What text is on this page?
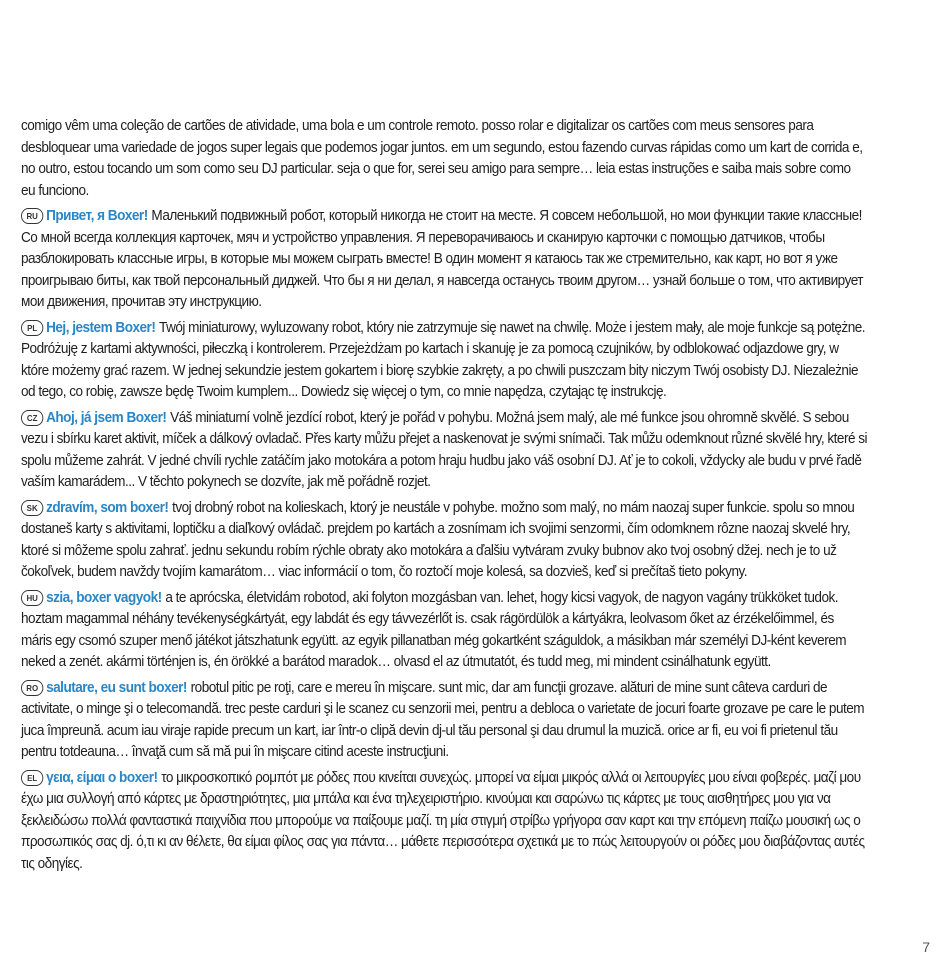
comigo vêm uma coleção de cartões de atividade, uma bola e um controle remoto. posso rolar e digitalizar os cartões com meus sensores para desbloquear uma variedade de jogos super legais que podemos jogar juntos. em um segundo, estou fazendo curvas rápidas como um kart de corrida e, no outro, estou tocando um som como seu DJ particular. seja o que for, serei seu amigo para sempre… leia estas instruções e saiba mais sobre como eu funciono.

RU Привет, я Boxer! Маленький подвижный робот, который никогда не стоит на месте. Я совсем небольшой, но мои функции такие классные! Со мной всегда коллекция карточек, мяч и устройство управления. Я переворачиваюсь и сканирую карточки с помощью датчиков, чтобы разблокировать классные игры, в которые мы можем сыграть вместе! В один момент я катаюсь так же стремительно, как карт, но вот я уже проигрываю биты, как твой персональный диджей. Что бы я ни делал, я навсегда останусь твоим другом… узнай больше о том, что активирует мои движения, прочитав эту инструкцию.

PL Hej, jestem Boxer! Twój miniaturowy, wyluzowany robot, który nie zatrzymuje się nawet na chwilę. Może i jestem mały, ale moje funkcje są potężne. Podróżuję z kartami aktywności, piłeczką i kontrolerem. Przejeżdżam po kartach i skanuję je za pomocą czujników, by odblokować odjazdowe gry, w które możemy grać razem. W jednej sekundzie jestem gokartem i biorę szybkie zakręty, a po chwili puszczam bity niczym Twój osobisty DJ. Niezależnie od tego, co robię, zawsze będę Twoim kumplem... Dowiedz się więcej o tym, co mnie napędza, czytając tę instrukcję.

CZ Ahoj, já jsem Boxer! Váš miniaturní volně jezdící robot, který je pořád v pohybu. Možná jsem malý, ale mé funkce jsou ohromně skvělé. S sebou vezu i sbírku karet aktivit, míček a dálkový ovladač. Přes karty můžu přejet a naskenovat je svými snímači. Tak můžu odemknout různé skvělé hry, které si spolu můžeme zahrát. V jedné chvíli rychle zatáčím jako motokára a potom hraju hudbu jako váš osobní DJ. Ať je to cokoli, vždycky ale budu v prvé řadě vaším kamarádem... V těchto pokynech se dozvíte, jak mě pořádně rozjet.

SK zdravím, som boxer! tvoj drobný robot na kolieskach, ktorý je neustále v pohybe. možno som malý, no mám naozaj super funkcie. spolu so mnou dostaneš karty s aktivitami, loptičku a diaľkový ovládač. prejdem po kartách a zosnímam ich svojimi senzormi, čím odomknem rôzne naozaj skvelé hry, ktoré si môžeme spolu zahrať. jednu sekundu robím rýchle obraty ako motokára a ďalšiu vytváram zvuky bubnov ako tvoj osobný džej. nech je to už čokoľvek, budem navždy tvojím kamarátom… viac informácií o tom, čo roztočí moje kolesá, sa dozvieš, keď si prečítaš tieto pokyny.

HU szia, boxer vagyok! a te aprócska, életvidám robotod, aki folyton mozgásban van. lehet, hogy kicsi vagyok, de nagyon vagány trükköket tudok. hoztam magammal néhány tevékenységkártyát, egy labdát és egy távvezérlőt is. csak rágördülök a kártyákra, leolvasom őket az érzékelőimmel, és máris egy csomó szuper menő játékot játszhatunk együtt. az egyik pillanatban még gokartként száguldok, a másikban már személyi DJ-ként keverem neked a zenét. akármi történjen is, én örökké a barátod maradok… olvasd el az útmutatót, és tudd meg, mi mindent csinálhatunk együtt.

RO salutare, eu sunt boxer! robotul pitic pe roţi, care e mereu în mişcare. sunt mic, dar am funcţii grozave. alături de mine sunt câteva carduri de activitate, o minge şi o telecomandă. trec peste carduri şi le scanez cu senzorii mei, pentru a debloca o varietate de jocuri foarte grozave pe care le putem juca împreună. acum iau viraje rapide precum un kart, iar într-o clipă devin dj-ul tău personal şi dau drumul la muzică. orice ar fi, eu voi fi prietenul tău pentru totdeauna… învaţă cum să mă pui în mişcare citind aceste instrucţiuni.

EL γεια, είμαι ο boxer! το μικροσκοπικό ρομπότ με ρόδες που κινείται συνεχώς. μπορεί να είμαι μικρός αλλά οι λειτουργίες μου είναι φοβερές. μαζί μου έχω μια συλλογή από κάρτες με δραστηριότητες, μια μπάλα και ένα τηλεχειριστήριο. κινούμαι και σαρώνω τις κάρτες με τους αισθητήρες μου για να ξεκλειδώσω πολλά φανταστικά παιχνίδια που μπορούμε να παίξουμε μαζί. τη μία στιγμή στρίβω γρήγορα σαν καρτ και την επόμενη παίζω μουσική ως ο προσωπικός σας dj. ό,τι κι αν θέλετε, θα είμαι φίλος σας για πάντα… μάθετε περισσότερα σχετικά με το πώς λειτουργούν οι ρόδες μου διαβάζοντας αυτές τις οδηγίες.

7
